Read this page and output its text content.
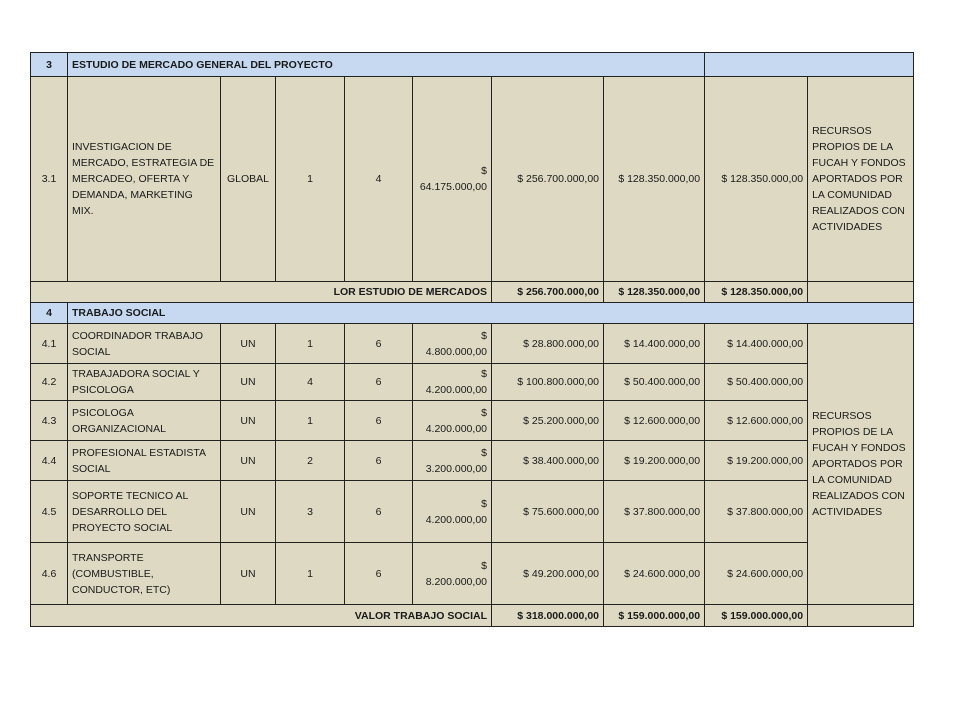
3	ESTUDIO DE MERCADO GENERAL DEL PROYECTO								
3.1	INVESTIGACION DE MERCADO, ESTRATEGIA DE MERCADEO, OFERTA Y DEMANDA, MARKETING MIX.	GLOBAL	1	4	$ 64.175.000,00	$ 256.700.000,00	$ 128.350.000,00	$ 128.350.000,00	RECURSOS PROPIOS DE LA FUCAH Y FONDOS APORTADOS POR LA COMUNIDAD REALIZADOS CON ACTIVIDADES
LOR ESTUDIO DE MERCADOS						$ 256.700.000,00	$ 128.350.000,00	$ 128.350.000,00	
4	TRABAJO SOCIAL								
4.1	COORDINADOR TRABAJO SOCIAL	UN	1	6	$ 4.800.000,00	$ 28.800.000,00	$ 14.400.000,00	$ 14.400.000,00	RECURSOS PROPIOS DE LA FUCAH Y FONDOS APORTADOS POR LA COMUNIDAD REALIZADOS CON ACTIVIDADES
4.2	TRABAJADORA SOCIAL Y PSICOLOGA	UN	4	6	$ 4.200.000,00	$ 100.800.000,00	$ 50.400.000,00	$ 50.400.000,00	
4.3	PSICOLOGA ORGANIZACIONAL	UN	1	6	$ 4.200.000,00	$ 25.200.000,00	$ 12.600.000,00	$ 12.600.000,00	
4.4	PROFESIONAL ESTADISTA SOCIAL	UN	2	6	$ 3.200.000,00	$ 38.400.000,00	$ 19.200.000,00	$ 19.200.000,00	
4.5	SOPORTE TECNICO AL DESARROLLO DEL PROYECTO SOCIAL	UN	3	6	$ 4.200.000,00	$ 75.600.000,00	$ 37.800.000,00	$ 37.800.000,00	
4.6	TRANSPORTE (COMBUSTIBLE, CONDUCTOR, ETC)	UN	1	6	$ 8.200.000,00	$ 49.200.000,00	$ 24.600.000,00	$ 24.600.000,00	
VALOR TRABAJO SOCIAL						$ 318.000.000,00	$ 159.000.000,00	$ 159.000.000,00	
